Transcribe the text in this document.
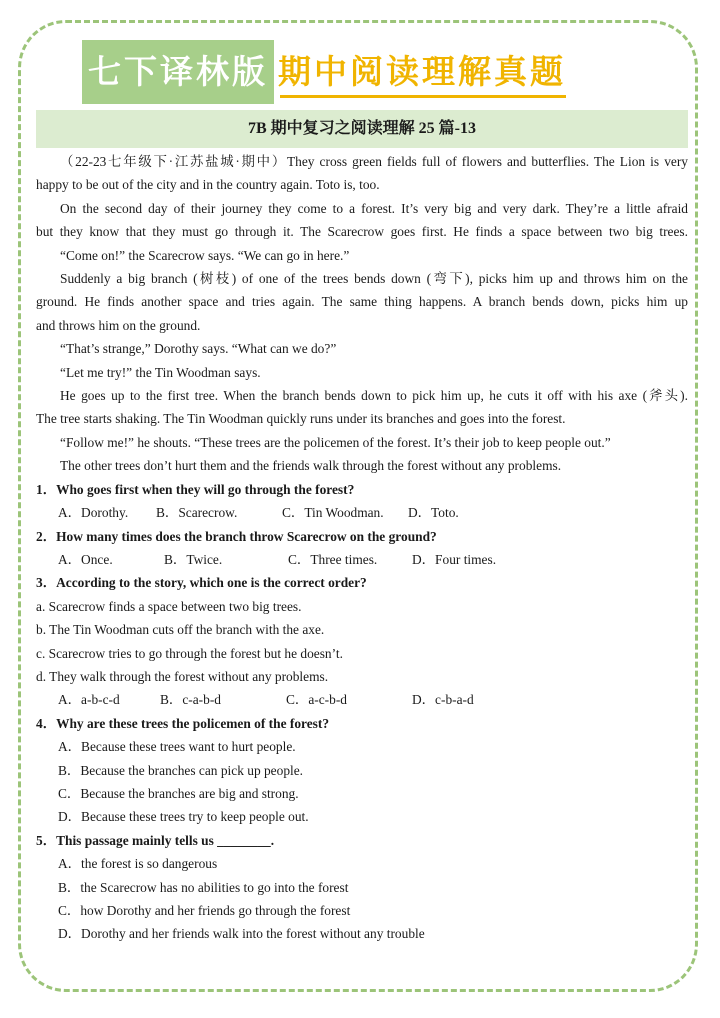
七下译林版 期中阅读理解真题
7B 期中复习之阅读理解 25 篇-13
（22-23七年级下·江苏盐城·期中）They cross green fields full of flowers and butterflies. The Lion is very
happy to be out of the city and in the country again. Toto is, too.
On the second day of their journey they come to a forest. It’s very big and very dark. They’re a little afraid
but they know that they must go through it. The Scarecrow goes first. He finds a space between two big trees.
“Come on!” the Scarecrow says. “We can go in here.”
Suddenly a big branch (树枝) of one of the trees bends down (弯下), picks him up and throws him on the
ground. He finds another space and tries again. The same thing happens. A branch bends down, picks him up
and throws him on the ground.
“That’s strange,” Dorothy says. “What can we do?”
“Let me try!” the Tin Woodman says.
He goes up to the first tree. When the branch bends down to pick him up, he cuts it off with his axe (斧头).
The tree starts shaking. The Tin Woodman quickly runs under its branches and goes into the forest.
“Follow me!” he shouts. “These trees are the policemen of the forest. It’s their job to keep people out.”
The other trees don’t hurt them and the friends walk through the forest without any problems.
1．Who goes first when they will go through the forest?
A．Dorothy.	B．Scarecrow.	C．Tin Woodman.	D．Toto.
2．How many times does the branch throw Scarecrow on the ground?
A．Once.	B．Twice.	C．Three times.	D．Four times.
3．According to the story, which one is the correct order?
a. Scarecrow finds a space between two big trees.
b. The Tin Woodman cuts off the branch with the axe.
c. Scarecrow tries to go through the forest but he doesn’t.
d. They walk through the forest without any problems.
A．a-b-c-d	B．c-a-b-d	C．a-c-b-d	D．c-b-a-d
4．Why are these trees the policemen of the forest?
A．Because these trees want to hurt people.
B．Because the branches can pick up people.
C．Because the branches are big and strong.
D．Because these trees try to keep people out.
5．This passage mainly tells us ________.
A．the forest is so dangerous
B．the Scarecrow has no abilities to go into the forest
C．how Dorothy and her friends go through the forest
D．Dorothy and her friends walk into the forest without any trouble
